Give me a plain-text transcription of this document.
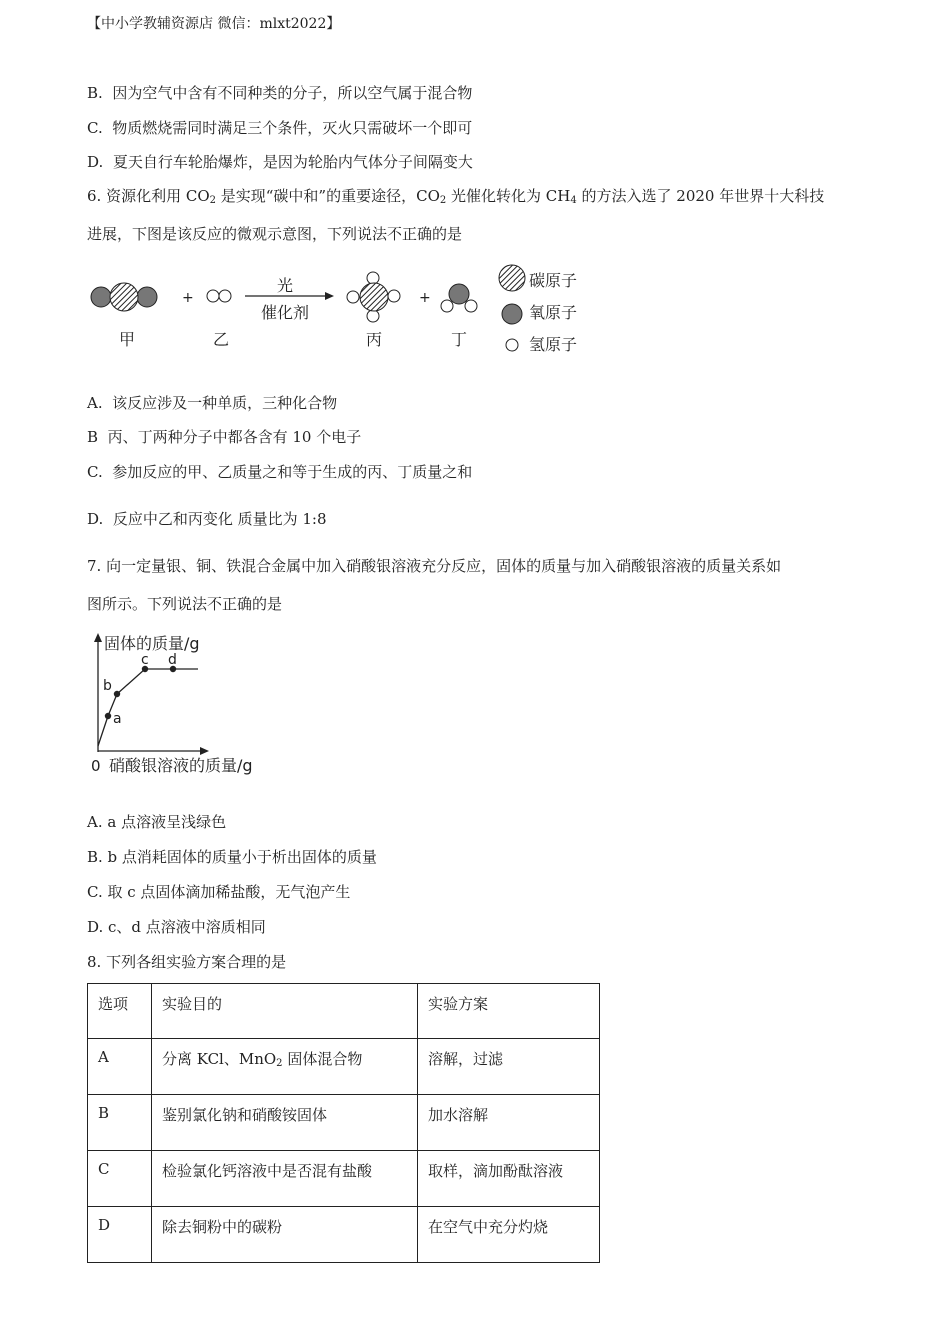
【中小学教辅资源店 微信：mlxt2022】
B. 因为空气中含有不同种类的分子，所以空气属于混合物
C. 物质燃烧需同时满足三个条件，灭火只需破坏一个即可
D. 夏天自行车轮胎爆炸，是因为轮胎内气体分子间隔变大
6. 资源化利用 $CO_2$ 是实现“碳中和”的重要途径，$CO_2$ 光催化转化为 $CH_4$ 的方法入选了 2020 年世界十大科技
进展，下图是该反应的微观示意图，下列说法不正确的是
+
光
催化剂
+
甲	乙	丙	丁
碳原子
氧原子
氢原子
A. 该反应涉及一种单质，三种化合物
B 丙、丁两种分子中都各含有 10 个电子
C. 参加反应的甲、乙质量之和等于生成的丙、丁质量之和
D. 反应中乙和丙变化 质量比为 1:8
7. 向一定量银、铜、铁混合金属中加入硝酸银溶液充分反应，固体的质量与加入硝酸银溶液的质量关系如
图所示。下列说法不正确的是
a
b
c d
固体的质量/g
0 硝酸银溶液的质量/g
A. a 点溶液呈浅绿色
B. b 点消耗固体的质量小于析出固体的质量
C. 取 c 点固体滴加稀盐酸，无气泡产生
D. c、d 点溶液中溶质相同
8. 下列各组实验方案合理的是
选项	实验目的	实验方案
A	分离 KCl、MnO$_2$ 固体混合物	溶解，过滤
B	鉴别氯化钠和硝酸铵固体	加水溶解
C	检验氯化钙溶液中是否混有盐酸	取样，滴加酚酞溶液
D	除去铜粉中的碳粉	在空气中充分灼烧
